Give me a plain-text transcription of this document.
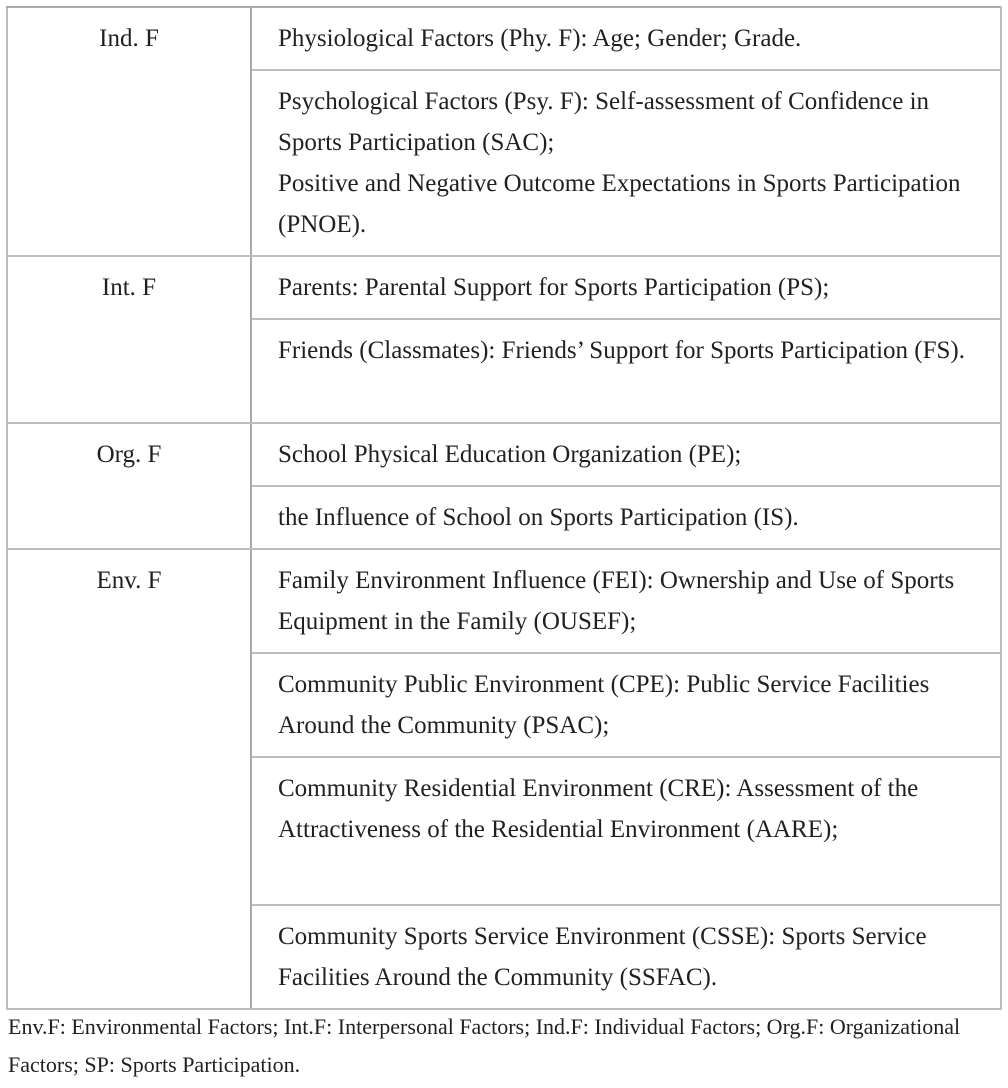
Ind. F	Physiological Factors (Phy. F): Age; Gender; Grade.

	Psychological Factors (Psy. F): Self-assessment of Confidence in Sports Participation (SAC);
Positive and Negative Outcome Expectations in Sports Participation (PNOE).

Int. F	Parents: Parental Support for Sports Participation (PS);

	Friends (Classmates): Friends’ Support for Sports Participation (FS).

Org. F	School Physical Education Organization (PE);

	the Influence of School on Sports Participation (IS).

Env. F	Family Environment Influence (FEI): Ownership and Use of Sports Equipment in the Family (OUSEF);

	Community Public Environment (CPE): Public Service Facilities Around the Community (PSAC);

	Community Residential Environment (CRE): Assessment of the Attractiveness of the Residential Environment (AARE);

	Community Sports Service Environment (CSSE): Sports Service Facilities Around the Community (SSFAC).
Env.F: Environmental Factors; Int.F: Interpersonal Factors; Ind.F: Individual Factors; Org.F: Organizational Factors; SP: Sports Participation.
